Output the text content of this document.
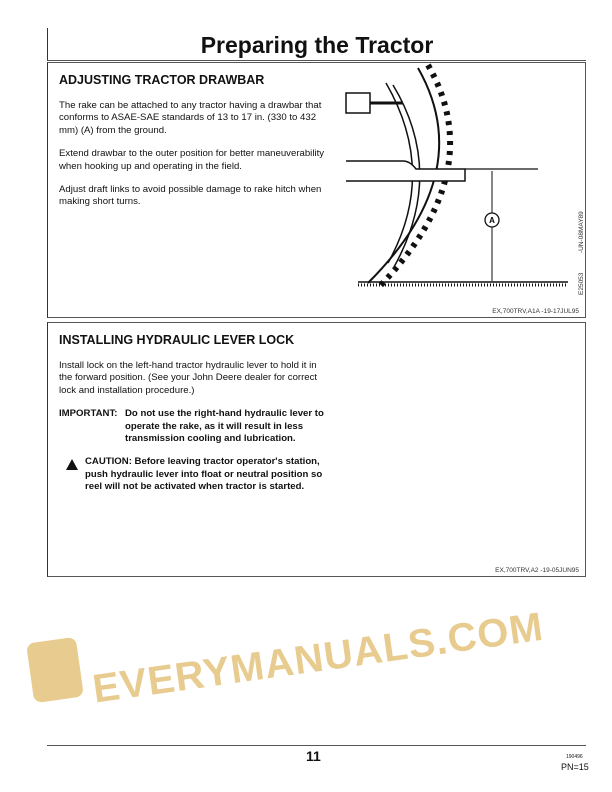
Preparing the Tractor
ADJUSTING TRACTOR DRAWBAR
The rake can be attached to any tractor having a drawbar that conforms to ASAE-SAE standards of 13 to 17 in. (330 to 432 mm) (A) from the ground.
Extend drawbar to the outer position for better maneuverability when hooking up and operating in the field.
Adjust draft links to avoid possible damage to rake hitch when making short turns.
A
E25053
-UN-08MAY89
EX,700TRV,A1A -19-17JUL95
INSTALLING HYDRAULIC LEVER LOCK
Install lock on the left-hand tractor hydraulic lever to hold it in the forward position. (See your John Deere dealer for correct lock and installation procedure.)
IMPORTANT: Do not use the right-hand hydraulic lever to operate the rake, as it will result in less transmission cooling and lubrication.
CAUTION: Before leaving tractor operator's station, push hydraulic lever into float or neutral position so reel will not be activated when tractor is started.
EX,700TRV,A2 -19-05JUN95
EVERYMANUALS.COM
11	190496
PN=15
